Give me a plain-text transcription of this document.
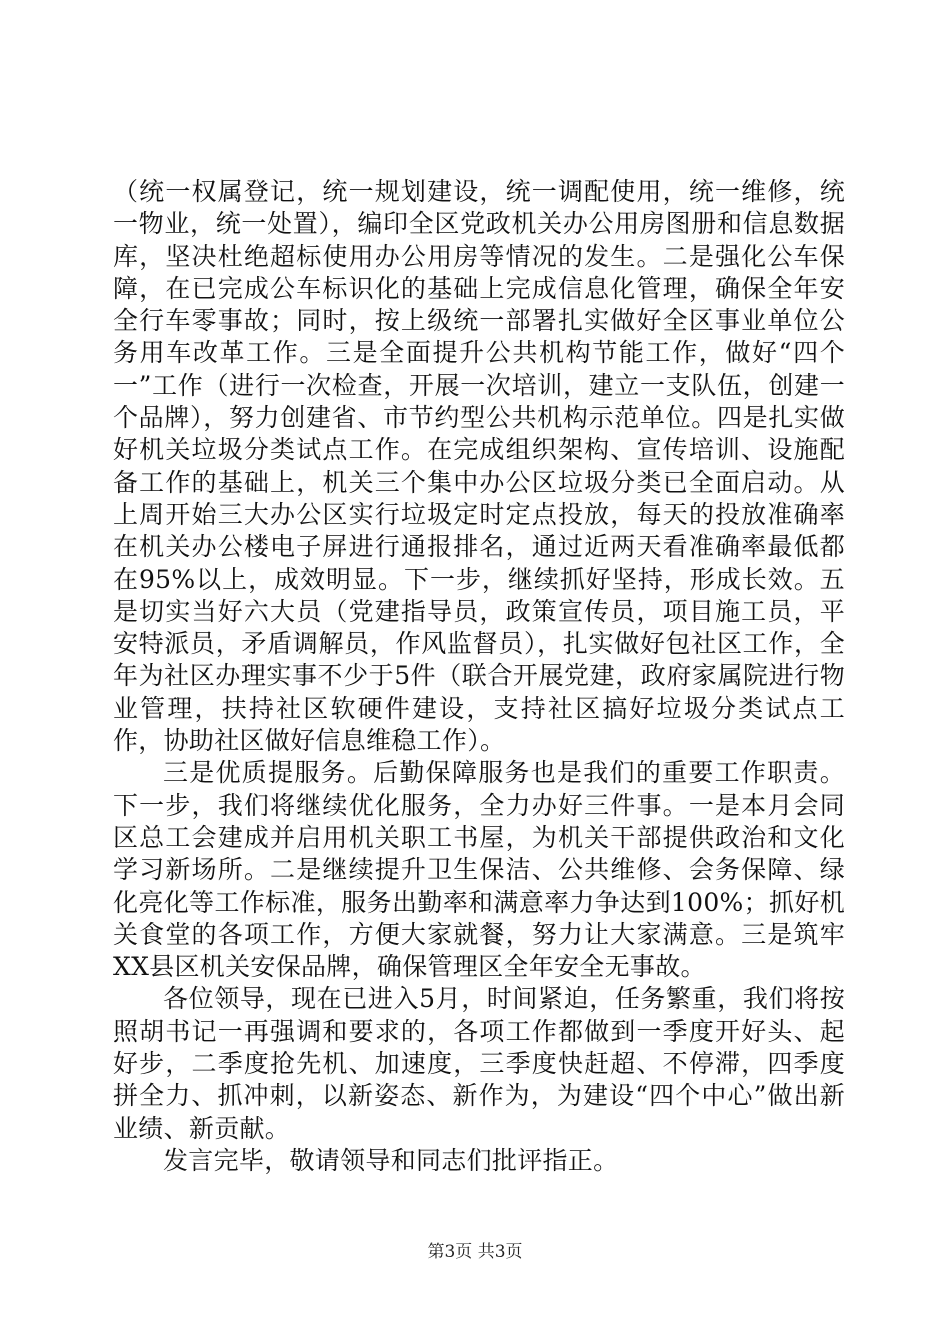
（统一权属登记，统一规划建设，统一调配使用，统一维修，统一物业，统一处置），编印全区党政机关办公用房图册和信息数据库，坚决杜绝超标使用办公用房等情况的发生。二是强化公车保障，在已完成公车标识化的基础上完成信息化管理，确保全年安全行车零事故；同时，按上级统一部署扎实做好全区事业单位公务用车改革工作。三是全面提升公共机构节能工作，做好“四个一”工作（进行一次检查，开展一次培训，建立一支队伍，创建一个品牌），努力创建省、市节约型公共机构示范单位。四是扎实做好机关垃圾分类试点工作。在完成组织架构、宣传培训、设施配备工作的基础上，机关三个集中办公区垃圾分类已全面启动。从上周开始三大办公区实行垃圾定时定点投放，每天的投放准确率在机关办公楼电子屏进行通报排名，通过近两天看准确率最低都在95%以上，成效明显。下一步，继续抓好坚持，形成长效。五是切实当好六大员（党建指导员，政策宣传员，项目施工员，平安特派员，矛盾调解员，作风监督员），扎实做好包社区工作，全年为社区办理实事不少于5件（联合开展党建，政府家属院进行物业管理，扶持社区软硬件建设，支持社区搞好垃圾分类试点工作，协助社区做好信息维稳工作）。

三是优质提服务。后勤保障服务也是我们的重要工作职责。下一步，我们将继续优化服务，全力办好三件事。一是本月会同区总工会建成并启用机关职工书屋，为机关干部提供政治和文化学习新场所。二是继续提升卫生保洁、公共维修、会务保障、绿化亮化等工作标准，服务出勤率和满意率力争达到100%；抓好机关食堂的各项工作，方便大家就餐，努力让大家满意。三是筑牢XX县区机关安保品牌，确保管理区全年安全无事故。

各位领导，现在已进入5月，时间紧迫，任务繁重，我们将按照胡书记一再强调和要求的，各项工作都做到一季度开好头、起好步，二季度抢先机、加速度，三季度快赶超、不停滞，四季度拼全力、抓冲刺，以新姿态、新作为，为建设“四个中心”做出新业绩、新贡献。

发言完毕，敬请领导和同志们批评指正。

第3页 共3页
